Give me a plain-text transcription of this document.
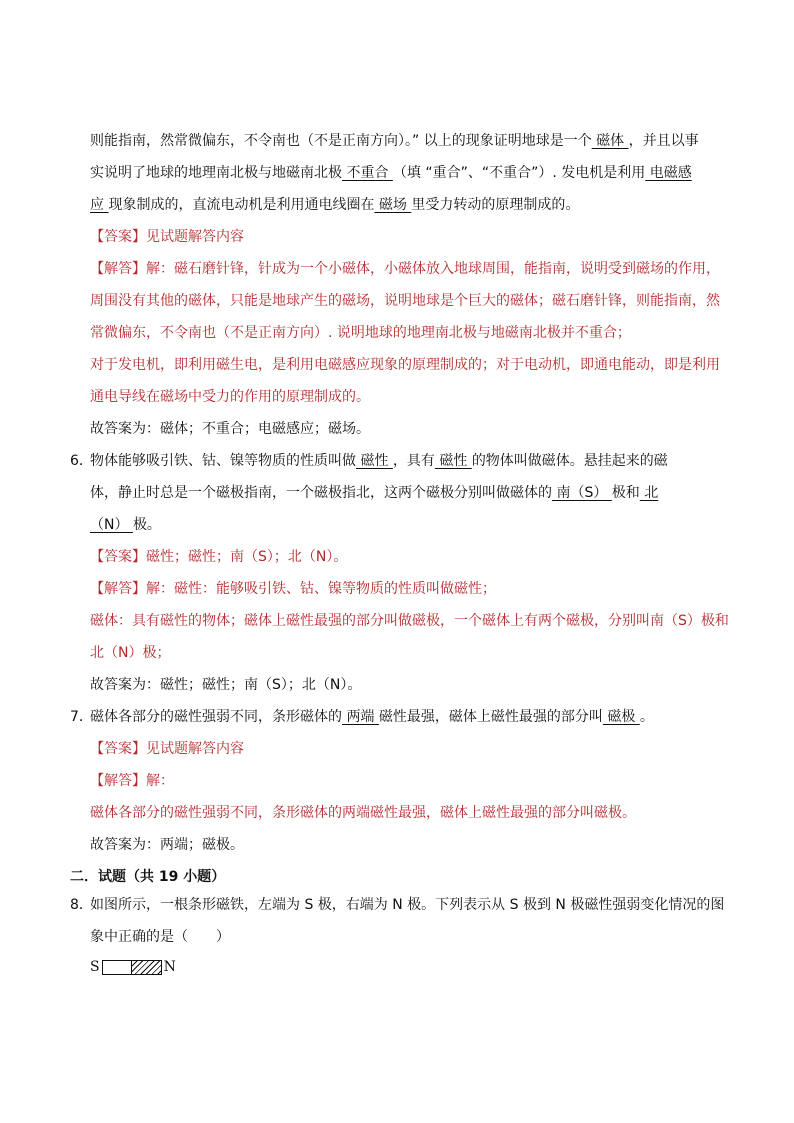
则能指南，然常微偏东，不令南也（不是正南方向）。” 以上的现象证明地球是一个 磁体 ，并且以事
实说明了地球的地理南北极与地磁南北极 不重合 （填 “重合”、“不重合”）. 发电机是利用 电磁感
应 现象制成的，直流电动机是利用通电线圈在 磁场 里受力转动的原理制成的。
【答案】见试题解答内容
【解答】解：磁石磨针锋，针成为一个小磁体，小磁体放入地球周围，能指南，说明受到磁场的作用，
周围没有其他的磁体，只能是地球产生的磁场，说明地球是个巨大的磁体；磁石磨针锋，则能指南，然
常微偏东，不令南也（不是正南方向）. 说明地球的地理南北极与地磁南北极并不重合；
对于发电机，即利用磁生电，是利用电磁感应现象的原理制成的；对于电动机，即通电能动，即是利用
通电导线在磁场中受力的作用的原理制成的。
故答案为：磁体；不重合；电磁感应；磁场。
6．
物体能够吸引铁、钴、镍等物质的性质叫做 磁性 ，具有 磁性 的物体叫做磁体。悬挂起来的磁
体，静止时总是一个磁极指南，一个磁极指北，这两个磁极分别叫做磁体的 南（S） 极和 北
（N） 极。
【答案】磁性；磁性；南（S）；北（N）。
【解答】解：磁性：能够吸引铁、钴、镍等物质的性质叫做磁性；
磁体：具有磁性的物体；磁体上磁性最强的部分叫做磁极，一个磁体上有两个磁极，分别叫南（S）极和
北（N）极；
故答案为：磁性；磁性；南（S）；北（N）。
7．
磁体各部分的磁性强弱不同，条形磁体的 两端 磁性最强，磁体上磁性最强的部分叫 磁极 。
【答案】见试题解答内容
【解答】解：
磁体各部分的磁性强弱不同，条形磁体的两端磁性最强，磁体上磁性最强的部分叫磁极。
故答案为：两端；磁极。
二．试题（共 19 小题）
8．
如图所示，一根条形磁铁，左端为 S 极，右端为 N 极。下列表示从 S 极到 N 极磁性强弱变化情况的图
象中正确的是（　　）
S	N
